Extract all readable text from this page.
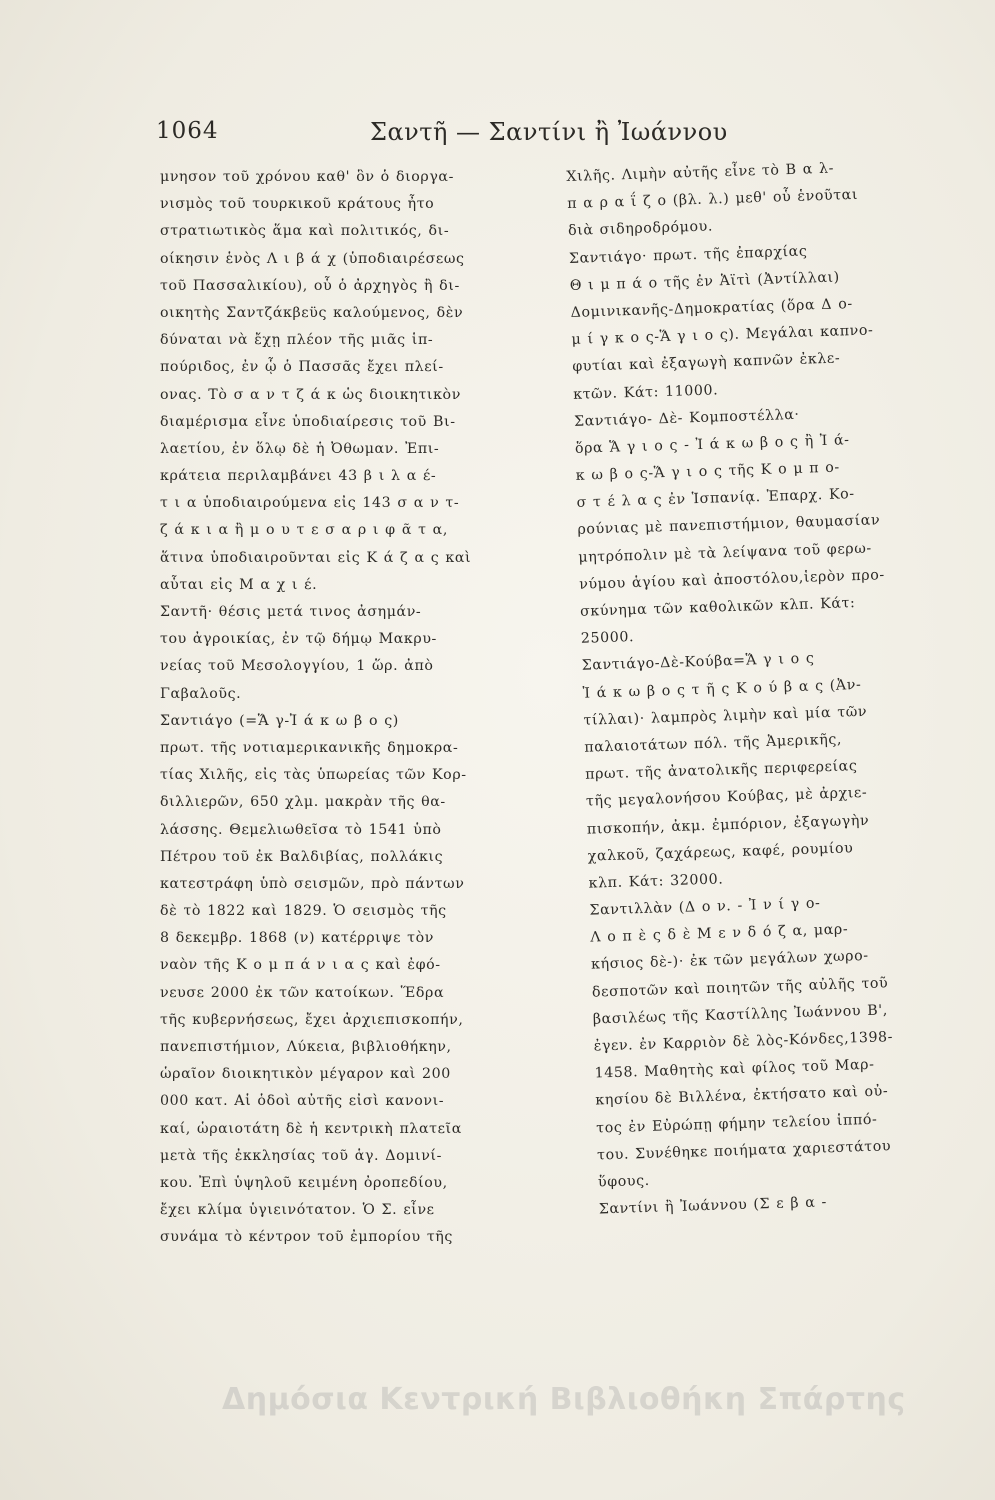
1064	Σαντῆ — Σαντίνι ἢ Ἰωάννου
μνησον τοῦ χρόνου καθ' ὃν ὁ διοργα-
νισμὸς τοῦ τουρκικοῦ κράτους ἦτο
στρατιωτικὸς ἅμα καὶ πολιτικός, δι-
οίκησιν ἑνὸς Λ ι β ά χ (ὑποδιαιρέσεως
τοῦ Πασσαλικίου), οὗ ὁ ἀρχηγὸς ἢ δι-
οικητὴς Σαντζάκβεϋς καλούμενος, δὲν
δύναται νὰ ἔχῃ πλέον τῆς μιᾶς ἱπ-
πούριδος, ἐν ᾧ ὁ Πασσᾶς ἔχει πλεί-
ονας. Τὸ σ α ν τ ζ ά κ ὡς διοικητικὸν
διαμέρισμα εἶνε ὑποδιαίρεσις τοῦ Βι-
λαετίου, ἐν ὅλῳ δὲ ἡ Ὀθωμαν. Ἐπι-
κράτεια περιλαμβάνει 43 β ι λ α έ-
τ ι α ὑποδιαιρούμενα εἰς 143 σ α ν τ-
ζ ά κ ι α ἢ μ ο υ τ ε σ α ρ ι φ ᾶ τ α,
ἅτινα ὑποδιαιροῦνται εἰς Κ ά ζ α ς καὶ
αὗται εἰς Μ α χ ι έ.
Σαντῆ· θέσις μετά τινος ἀσημάν-
του ἀγροικίας, ἐν τῷ δήμῳ Μακρυ-
νείας τοῦ Μεσολογγίου, 1 ὥρ. ἀπὸ
Γαβαλοῦς.
Σαντιάγο (=Ἅ γ-Ἰ ά κ ω β ο ς)
πρωτ. τῆς νοτιαμερικανικῆς δημοκρα-
τίας Χιλῆς, εἰς τὰς ὑπωρείας τῶν Κορ-
διλλιερῶν, 650 χλμ. μακρὰν τῆς θα-
λάσσης. Θεμελιωθεῖσα τὸ 1541 ὑπὸ
Πέτρου τοῦ ἐκ Βαλδιβίας, πολλάκις
κατεστράφη ὑπὸ σεισμῶν, πρὸ πάντων
δὲ τὸ 1822 καὶ 1829. Ὁ σεισμὸς τῆς
8 δεκεμβρ. 1868 (ν) κατέρριψε τὸν
ναὸν τῆς Κ ο μ π ά ν ι α ς καὶ ἐφό-
νευσε 2000 ἐκ τῶν κατοίκων. Ἕδρα
τῆς κυβερνήσεως, ἔχει ἀρχιεπισκοπήν,
πανεπιστήμιον, Λύκεια, βιβλιοθήκην,
ὡραῖον διοικητικὸν μέγαρον καὶ 200
000 κατ. Αἱ ὁδοὶ αὐτῆς εἰσὶ κανονι-
καί, ὡραιοτάτη δὲ ἡ κεντρικὴ πλατεῖα
μετὰ τῆς ἐκκλησίας τοῦ ἁγ. Δομινί-
κου. Ἐπὶ ὑψηλοῦ κειμένη ὀροπεδίου,
ἔχει κλίμα ὑγιεινότατον. Ὁ Σ. εἶνε
συνάμα τὸ κέντρον τοῦ ἐμπορίου τῆς
Χιλῆς. Λιμὴν αὐτῆς εἶνε τὸ Β α λ-
π α ρ α ΐ ζ ο (βλ. λ.) μεθ' οὗ ἑνοῦται
διὰ σιδηροδρόμου.
Σαντιάγο· πρωτ. τῆς ἐπαρχίας
Θ ι μ π ά ο τῆς ἐν Ἁϊτὶ (Ἀντίλλαι)
Δομινικανῆς-Δημοκρατίας (ὅρα Δ ο-
μ ί γ κ ο ς-Ἅ γ ι ο ς). Μεγάλαι καπνο-
φυτίαι καὶ ἐξαγωγὴ καπνῶν ἐκλε-
κτῶν. Κάτ: 11000.
Σαντιάγο- Δὲ- Κομποστέλλα·
ὅρα Ἅ γ ι ο ς - Ἰ ά κ ω β ο ς ἢ Ἰ ά-
κ ω β ο ς-Ἅ γ ι ο ς τῆς Κ ο μ π ο-
σ τ έ λ α ς ἐν Ἱσπανίᾳ. Ἐπαρχ. Κο-
ρούνιας μὲ πανεπιστήμιον, θαυμασίαν
μητρόπολιν μὲ τὰ λείψανα τοῦ φερω-
νύμου ἁγίου καὶ ἀποστόλου,ἱερὸν προ-
σκύνημα τῶν καθολικῶν κλπ. Κάτ:
25000.
Σαντιάγο-Δὲ-Κούβα=Ἅ γ ι ο ς
Ἰ ά κ ω β ο ς τ ῆ ς Κ ο ύ β α ς (Ἀν-
τίλλαι)· λαμπρὸς λιμὴν καὶ μία τῶν
παλαιοτάτων πόλ. τῆς Ἀμερικῆς,
πρωτ. τῆς ἀνατολικῆς περιφερείας
τῆς μεγαλονήσου Κούβας, μὲ ἀρχιε-
πισκοπήν, ἀκμ. ἐμπόριον, ἐξαγωγὴν
χαλκοῦ, ζαχάρεως, καφέ, ρουμίου
κλπ. Κάτ: 32000.
Σαντιλλὰν (Δ ο ν. - Ἰ ν ί γ ο-
Λ ο π ὲ ς δ ὲ Μ ε ν δ ό ζ α, μαρ-
κήσιος δὲ-)· ἐκ τῶν μεγάλων χωρο-
δεσποτῶν καὶ ποιητῶν τῆς αὐλῆς τοῦ
βασιλέως τῆς Καστίλλης Ἰωάννου Β',
ἐγεν. ἐν Καρριὸν δὲ λὸς-Κόνδες,1398-
1458. Μαθητὴς καὶ φίλος τοῦ Μαρ-
κησίου δὲ Βιλλένα, ἐκτήσατο καὶ οὐ-
τος ἐν Εὐρώπῃ φήμην τελείου ἱππό-
του. Συνέθηκε ποιήματα χαριεστάτου
ὕφους.
Σαντίνι ἢ Ἰωάννου (Σ ε β α -
Δημόσια Κεντρική Βιβλιοθήκη Σπάρτης
